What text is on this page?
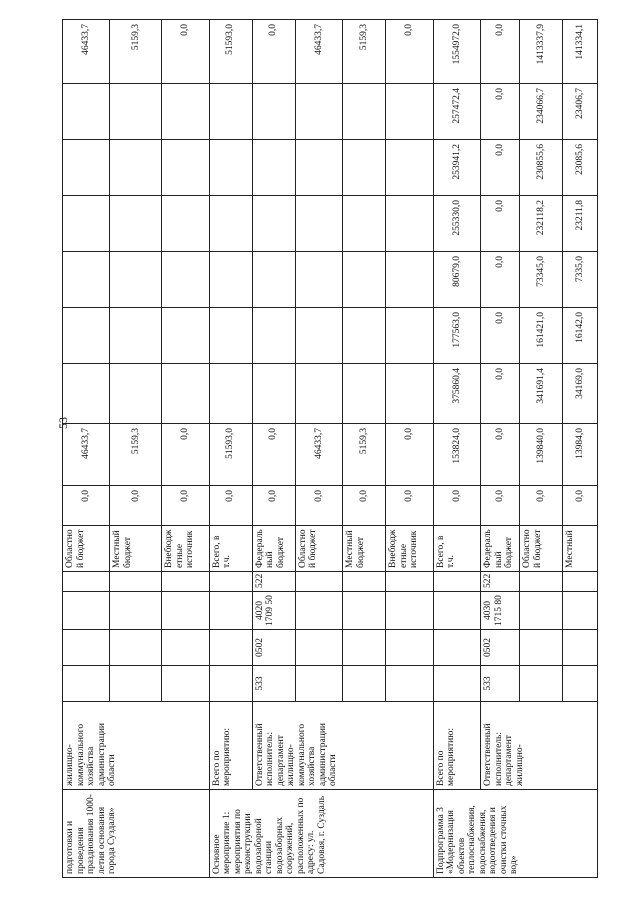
53
подготовки и проведения празднования 1000-летия основания города Суздаля»	жилищно-коммунального хозяйства администрации области					Областно й бюджет	0,0	46433,7							46433,7
						Местный бюджет	0,0	5159,3							5159,3
						Внебюдж етные источник	0,0	0,0							0,0
Основное мероприятие 1: мероприятия по реконструкции водозаборной станции водозаборных сооружений, расположенных по адресу: ул. Садовая, г. Суздаль	Всего по мероприятию:					Всего, в т.ч.	0,0	51593,0							51593,0
	Ответственный исполнитель: департамент жилищно-коммунального хозяйства администрации области	533	0502	4020 1709 50	522	Федераль ный бюджет	0,0	0,0							0,0
						Областно й бюджет	0,0	46433,7							46433,7
						Местный бюджет	0,0	5159,3							5159,3
						Внебюдж етные источник	0,0	0,0							0,0
Подпрограмма 3 «Модернизация объектов теплоснабжения, водоснабжения, водоотведения и очистки сточных вод»	Всего по мероприятию:					Всего, в т.ч.	0,0	153824,0	375860,4	177563,0	80679,0	255330,0	253941,2	257472,4	1554972,0
	Ответственный исполнитель: департамент жилищно-	533	0502	4030 1715 80	522	Федераль ный бюджет	0,0	0,0	0,0	0,0	0,0	0,0	0,0	0,0	0,0
						Областно й бюджет	0,0	139840,0	341691,4	161421,0	73345,0	232118,2	230855,6	234066,7	1413337,9
						Местный	0,0	13984,0	34169,0	16142,0	7335,0	23211,8	23085,6	23406,7	141334,1
